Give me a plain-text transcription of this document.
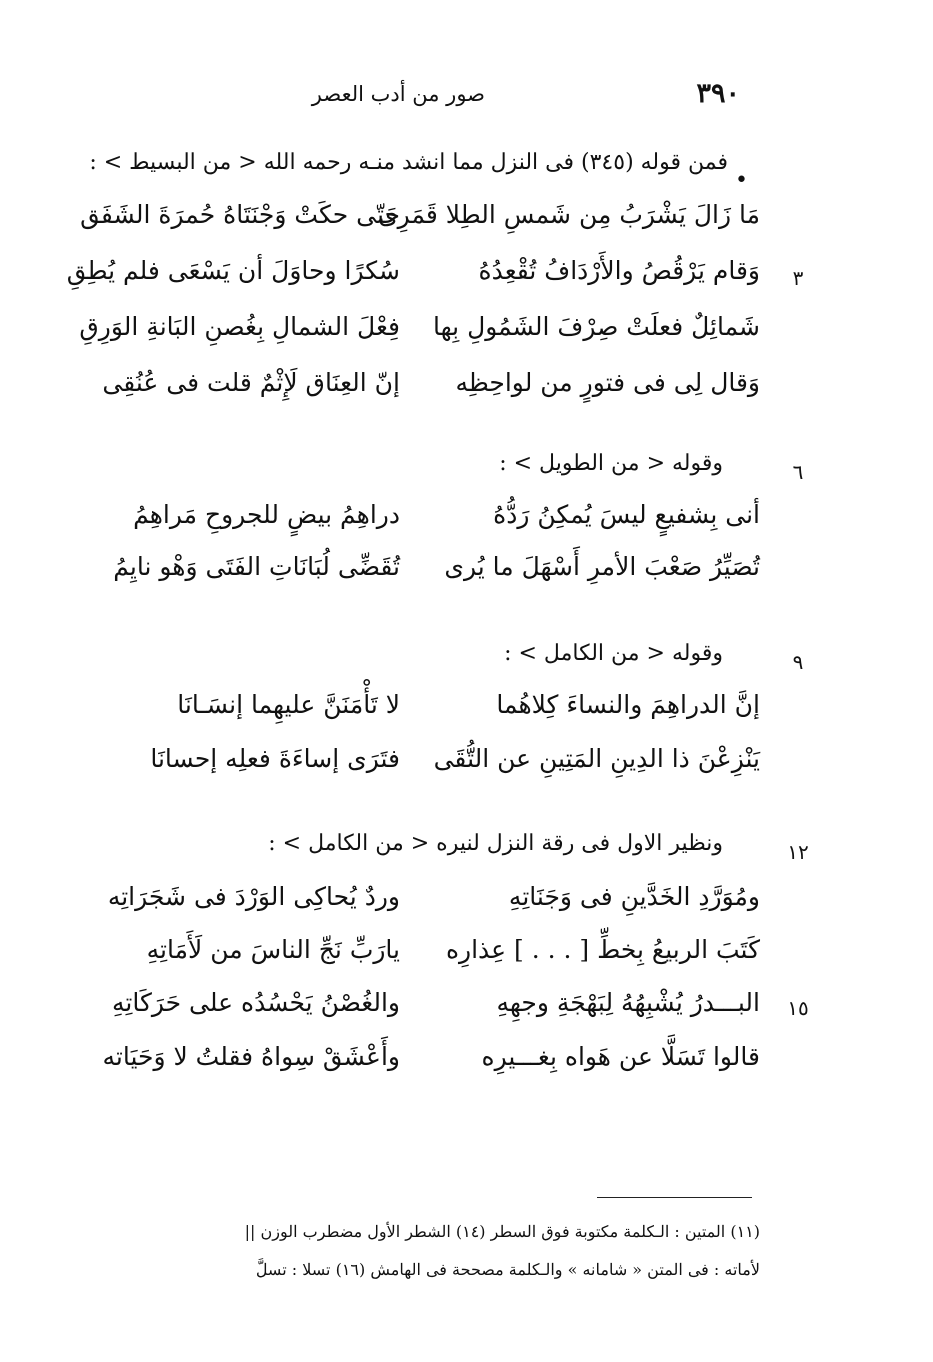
٣٩٠
صور من أدب العصر
•
فمن قوله (٣٤٥) فى النزل مما انشد منـه رحمه الله < من البسيط > :
مَا زَالَ يَشْرَبُ مِن شَمسِ الطِلا قَمَرِى
حَتّى حكَتْ وَجْنَتَاهُ حُمرَةَ الشَفَق
٣
وَقام يَرْقُصُ والأَرْدَافُ تُقْعِدُهُ
سُكرًا وحاوَلَ أن يَسْعَى فلم يُطِقِ
شَمائِلٌ فعلَتْ صِرْفَ الشَمُولِ بِها
فِعْلَ الشمالِ بِغُصنِ البَانةِ الوَرِقِ
وَقال لِى فى فتورٍ من لواحِظِه
إنّ العِنَاق لَإِثْمٌ قلت فى عُنُقِى
٦
وقوله < من الطويل > :
أنى بِشفيعٍ ليسَ يُمكِنُ رَدُّهُ
دراهِمُ بيضٍ للجروحِ مَراهِمُ
تُصَيِّرُ صَعْبَ الأمرِ أَسْهَلَ ما يُرى
تُقَضِّى لُبَانَاتِ الفَتَى وَهْو نايِمُ
٩
وقوله < من الكامل > :
إنَّ الدراهِمَ والنساءَ كِلاهُما
لا تَأْمَنَنَّ عليهِما إنسَـانَا
يَنْزِعْنَ ذا الدِينِ المَتِينِ عن التُّقَى
فتَرَى إساءَةَ فعلِه إحسانَا
١٢
ونظير الاول فى رقة النزل لنيره < من الكامل > :
ومُوَرَّدِ الخَدَّينِ فى وَجَنَاتِهِ
وردٌ يُحاكِى الوَرْدَ فى شَجَرَاتِه
كَتَبَ الربيعُ بِخطِّ [ . . . ] عِذارِه
يارَبِّ نَجِّ الناسَ من لَأَمَاتِهِ
١٥
البـــدرُ يُشْبِهُهُ لِبَهْجَةِ وجهِهِ
والغُصْنُ يَحْسُدُه على حَرَكَاتِهِ
قالوا تَسَلَّا عن هَواه بِغـــيرِه
وأَعْشَقْ سِواهُ فقلتُ لا وَحَيَاته
(١١) المتين : الـكلمة مكتوبة فوق السطر (١٤) الشطر الأول مضطرب الوزن ||
لأماته : فى المتن « شامانه » والـكلمة مصححة فى الهامش (١٦) تسلا : تسلَّ
